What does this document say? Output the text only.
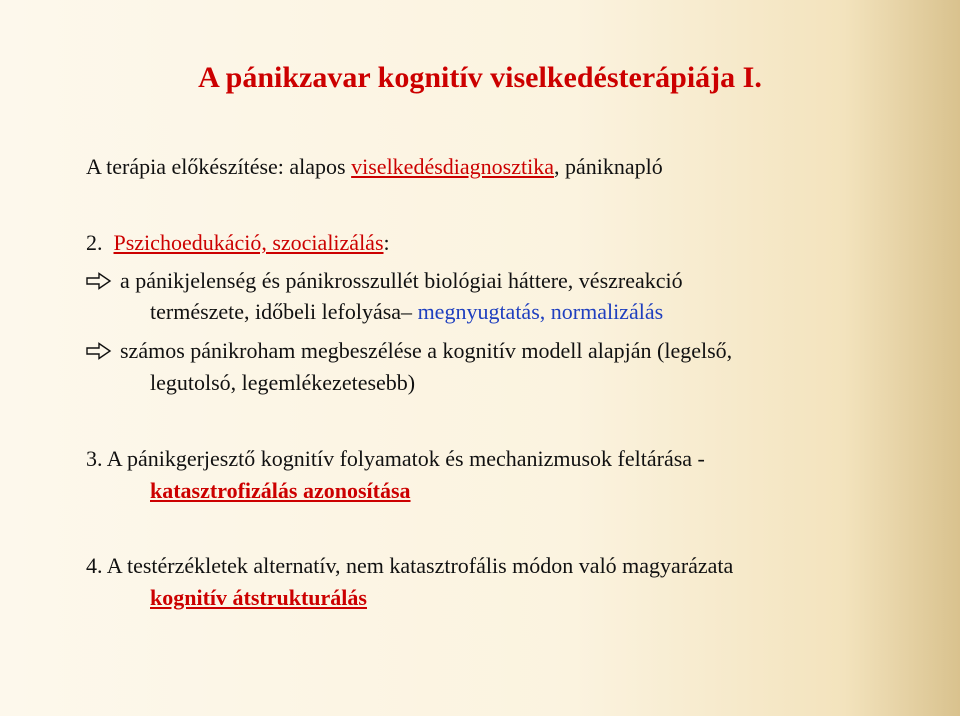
A pánikzavar kognitív viselkedésterápiája I.
A terápia előkészítése: alapos viselkedésdiagnosztika, pániknapló
2. Pszichoedukáció, szocializálás:
a pánikjelenség és pánikrosszullét biológiai háttere, vészreakció
természete, időbeli lefolyása– megnyugtatás, normalizálás
számos pánikroham megbeszélése a kognitív modell alapján (legelső,
legutolsó, legemlékezetesebb)
3. A pánikgerjesztő kognitív folyamatok és mechanizmusok feltárása -
katasztrofizálás azonosítása
4. A testérzékletek alternatív, nem katasztrofális módon való magyarázata
kognitív átstrukturálás
